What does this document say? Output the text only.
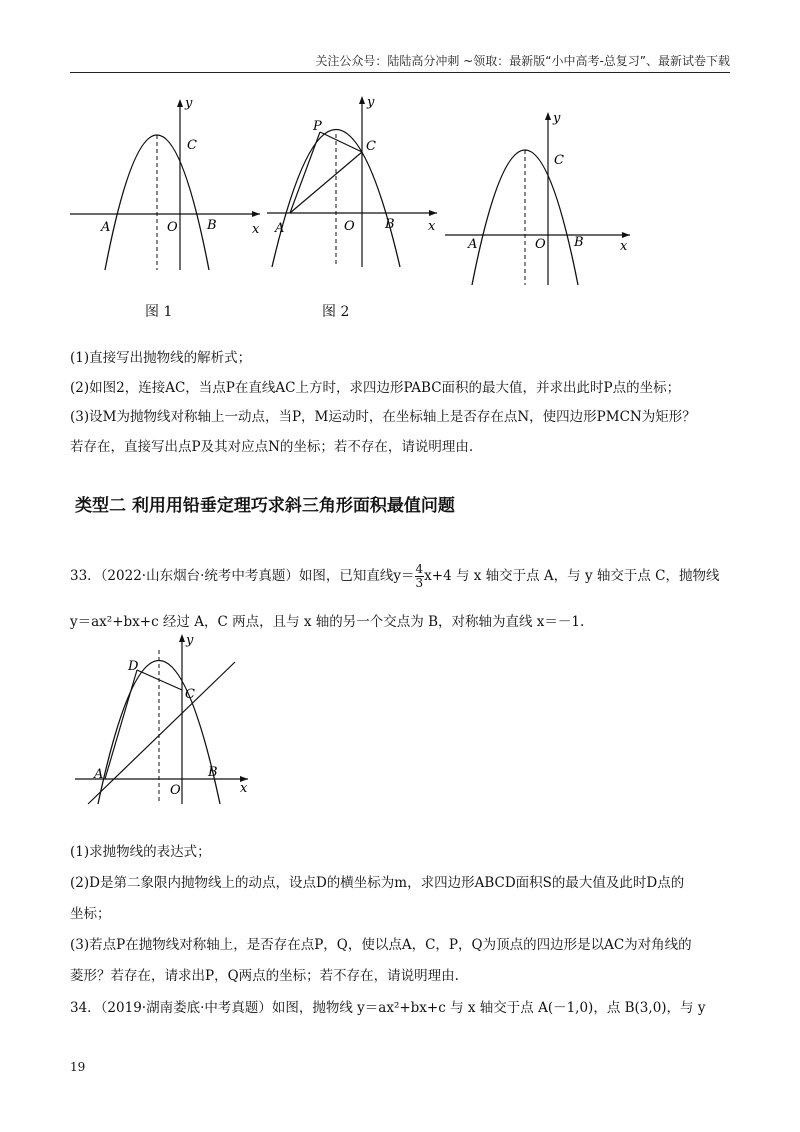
关注公众号：陆陆高分冲刺 ~领取：最新版“小中高考-总复习”、最新试卷下载
y
C
A	O B	x
图 1
y
P
C
A	O B	x
图 2
y
C
A	O B	x
(1)直接写出抛物线的解析式；
(2)如图2，连接AC，当点P在直线AC上方时，求四边形PABC面积的最大值，并求出此时P点的坐标；
(3)设M为抛物线对称轴上一动点，当P，M运动时，在坐标轴上是否存在点N，使四边形PMCN为矩形？
若存在，直接写出点P及其对应点N的坐标；若不存在，请说明理由.
类型二 利用用铅垂定理巧求斜三角形面积最值问题
33．（2022·山东烟台·统考中考真题）如图，已知直线$y= \frac{4}{3} x+4$ 与 x 轴交于点 A，与 y 轴交于点 C，抛物线
y＝ax²+bx+c 经过 A，C 两点，且与 x 轴的另一个交点为 B，对称轴为直线 x＝－1.
y
D
C
A
O
B
x
(1)求抛物线的表达式；
(2)D是第二象限内抛物线上的动点，设点D的横坐标为m，求四边形ABCD面积S的最大值及此时D点的
坐标；
(3)若点P在抛物线对称轴上，是否存在点P，Q，使以点A，C，P，Q为顶点的四边形是以AC为对角线的
菱形？若存在，请求出P，Q两点的坐标；若不存在，请说明理由.
34．（2019·湖南娄底·中考真题）如图，抛物线 y＝ax²+bx+c 与 x 轴交于点 A(－1,0)，点 B(3,0)，与 y
19
